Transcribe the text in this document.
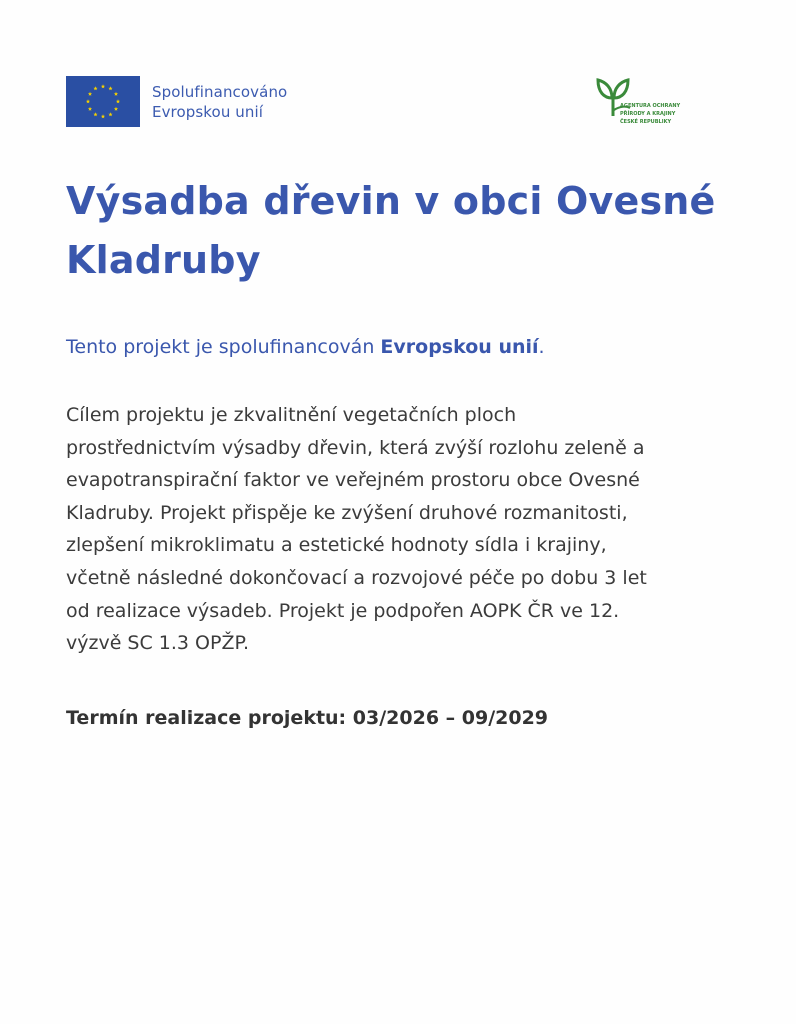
Spolufinancováno
Evropskou unií	AGENTURA OCHRANY
PŘÍRODY A KRAJINY
ČESKÉ REPUBLIKY
Výsadba dřevin v obci Ovesné Kladruby

Tento projekt je spolufinancován Evropskou unií.

Cílem projektu je zkvalitnění vegetačních ploch
prostřednictvím výsadby dřevin, která zvýší rozlohu zeleně a
evapotranspirační faktor ve veřejném prostoru obce Ovesné
Kladruby. Projekt přispěje ke zvýšení druhové rozmanitosti,
zlepšení mikroklimatu a estetické hodnoty sídla i krajiny,
včetně následné dokončovací a rozvojové péče po dobu 3 let
od realizace výsadeb. Projekt je podpořen AOPK ČR ve 12.
výzvě SC 1.3 OPŽP.

Termín realizace projektu: 03/2026 – 09/2029
